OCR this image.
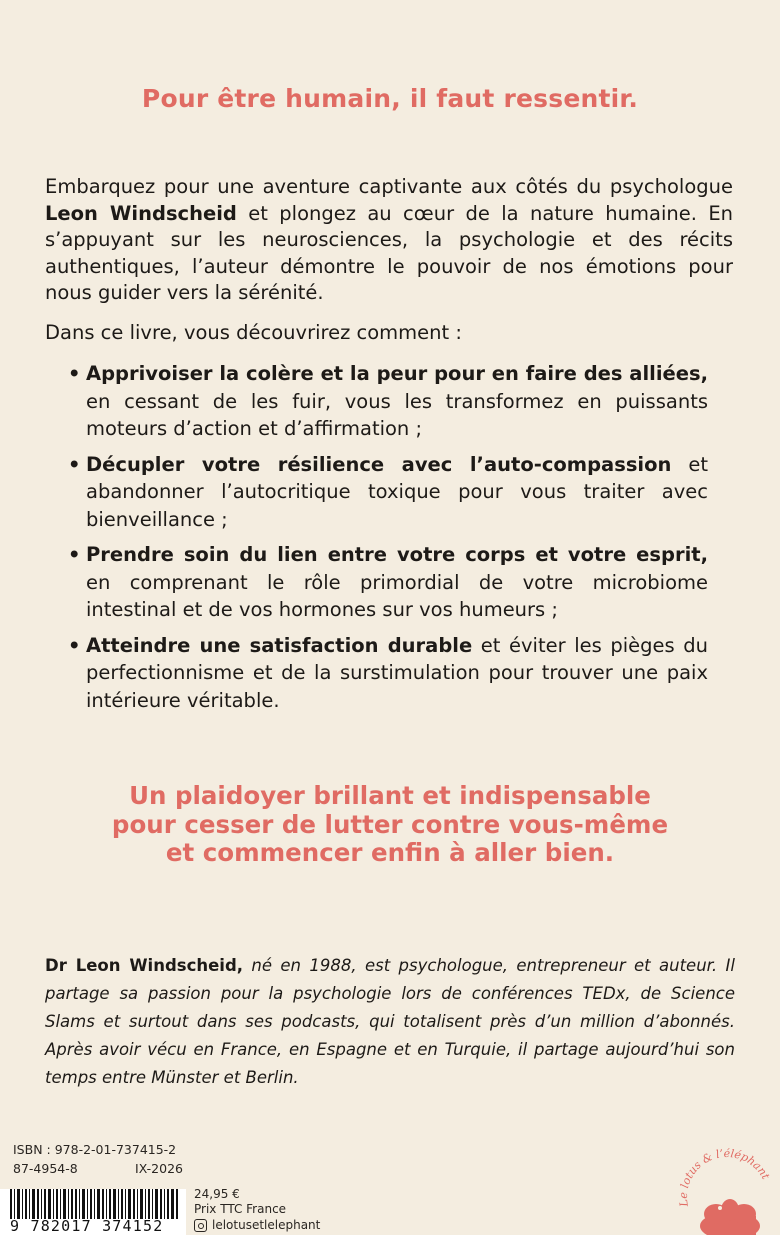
Pour être humain, il faut ressentir.
Embarquez pour une aventure captivante aux côtés du psychologue Leon Windscheid et plongez au cœur de la nature humaine. En s’appuyant sur les neurosciences, la psychologie et des récits authentiques, l’auteur démontre le pouvoir de nos émotions pour nous guider vers la sérénité.
Dans ce livre, vous découvrirez comment :
• Apprivoiser la colère et la peur pour en faire des alliées, en cessant de les fuir, vous les transformez en puissants moteurs d’action et d’affirmation ;
• Décupler votre résilience avec l’auto-compassion et abandonner l’autocritique toxique pour vous traiter avec bienveillance ;
• Prendre soin du lien entre votre corps et votre esprit, en comprenant le rôle primordial de votre microbiome intestinal et de vos hormones sur vos humeurs ;
• Atteindre une satisfaction durable et éviter les pièges du perfectionnisme et de la surstimulation pour trouver une paix intérieure véritable.
Un plaidoyer brillant et indispensable
pour cesser de lutter contre vous-même
et commencer enfin à aller bien.
Dr Leon Windscheid, né en 1988, est psychologue, entrepreneur et auteur. Il partage sa passion pour la psychologie lors de conférences TEDx, de Science Slams et surtout dans ses podcasts, qui totalisent près d’un million d’abonnés. Après avoir vécu en France, en Espagne et en Turquie, il partage aujourd’hui son temps entre Münster et Berlin.
ISBN : 978-2-01-737415-2
87-4954-8	IX-2026
9 782017 374152
24,95 €
Prix TTC France
lelotusetlelephant
Le lotus & l’éléphant
